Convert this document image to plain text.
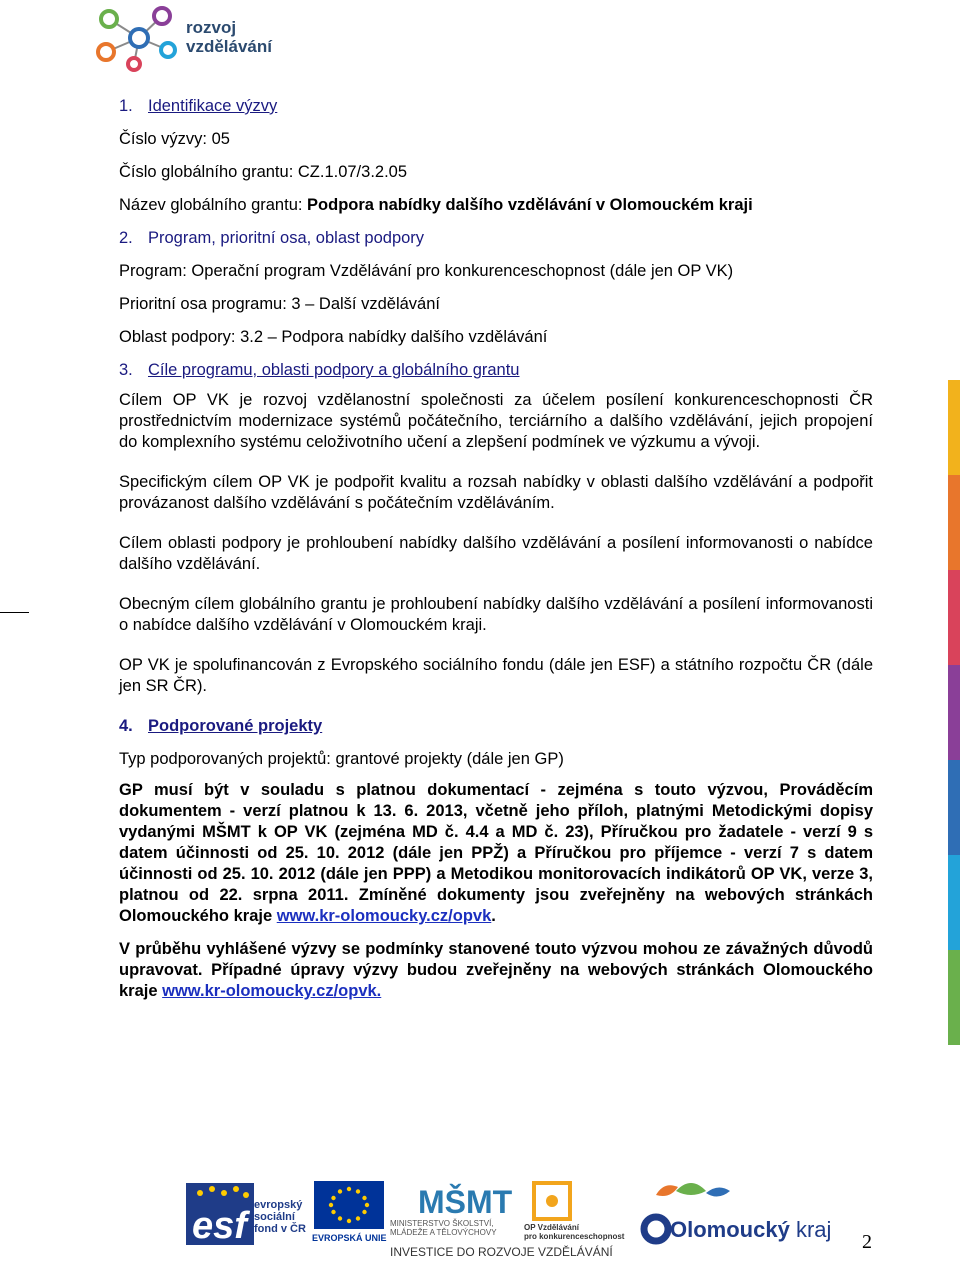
rozvoj
vzdělávání
1. Identifikace výzvy

Číslo výzvy: 05

Číslo globálního grantu: CZ.1.07/3.2.05

Název globálního grantu: Podpora nabídky dalšího vzdělávání v Olomouckém kraji

2. Program, prioritní osa, oblast podpory

Program: Operační program Vzdělávání pro konkurenceschopnost (dále jen OP VK)

Prioritní osa programu: 3 – Další vzdělávání

Oblast podpory: 3.2 – Podpora nabídky dalšího vzdělávání

3. Cíle programu, oblasti podpory a globálního grantu

Cílem OP VK je rozvoj vzdělanostní společnosti za účelem posílení konkurenceschopnosti ČR prostřednictvím modernizace systémů počátečního, terciárního a dalšího vzdělávání, jejich propojení do komplexního systému celoživotního učení a zlepšení podmínek ve výzkumu a vývoji.

Specifickým cílem OP VK je podpořit kvalitu a rozsah nabídky v oblasti dalšího vzdělávání a podpořit provázanost dalšího vzdělávání s počátečním vzděláváním.

Cílem oblasti podpory je prohloubení nabídky dalšího vzdělávání a posílení informovanosti o nabídce dalšího vzdělávání.

Obecným cílem globálního grantu je prohloubení nabídky dalšího vzdělávání a posílení informovanosti o nabídce dalšího vzdělávání v Olomouckém kraji.

OP VK je spolufinancován z Evropského sociálního fondu (dále jen ESF) a státního rozpočtu ČR (dále jen SR ČR).

4. Podporované projekty

Typ podporovaných projektů: grantové projekty (dále jen GP)

GP musí být v souladu s platnou dokumentací - zejména s touto výzvou, Prováděcím dokumentem - verzí platnou k 13. 6. 2013, včetně jeho příloh, platnými Metodickými dopisy vydanými MŠMT k OP VK (zejména MD č. 4.4 a MD č. 23), Příručkou pro žadatele - verzí 9 s datem účinnosti od 25. 10. 2012 (dále jen PPŽ) a Příručkou pro příjemce - verzí 7 s datem účinnosti od 25. 10. 2012 (dále jen PPP) a Metodikou monitorovacích indikátorů OP VK, verze 3, platnou od 22. srpna 2011. Zmíněné dokumenty jsou zveřejněny na webových stránkách Olomouckého kraje www.kr-olomoucky.cz/opvk.

V průběhu vyhlášené výzvy se podmínky stanovené touto výzvou mohou ze závažných důvodů upravovat. Případné úpravy výzvy budou zveřejněny na webových stránkách Olomouckého kraje www.kr-olomoucky.cz/opvk.

MŠMT
evropský
sociální
fond v ČR
esf	EVROPSKÁ UNIE
MINISTERSTVO ŠKOLSTVÍ,
MLÁDEŽE A TĚLOVÝCHOVY
OP Vzdělávání
pro konkurenceschopnost Olomoucký kraj
INVESTICE DO ROZVOJE VZDĚLÁVÁNÍ	2
